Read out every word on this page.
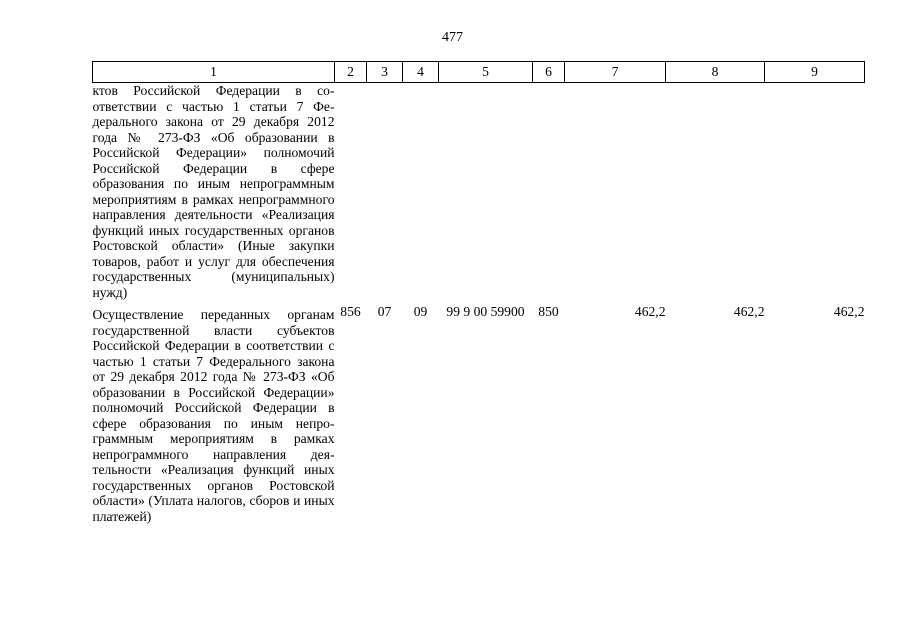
477
1	2	3	4	5	6	7	8	9
ктов Российской Федерации в соответствии с частью 1 статьи 7 Федерального закона от 29 декабря 2012 года № 273-ФЗ «Об образовании в Российской Федерации» полномочий Российской Федерации в сфере образования по иным непрограммным мероприятиям в рамках непрограммного направления деятельности «Реализация функций иных государственных органов Ростовской области» (Иные закупки товаров, работ и услуг для обеспечения государственных (муниципальных) нужд)								
Осуществление переданных органам государственной власти субъектов Российской Федерации в соответствии с частью 1 статьи 7 Федерального закона от 29 декабря 2012 года № 273-ФЗ «Об образовании в Российской Федерации» полномочий Российской Федерации в сфере образования по иным непрограммным мероприятиям в рамках непрограммного направления деятельности «Реализация функций иных государственных органов Ростовской области» (Уплата налогов, сборов и иных платежей)	856	07	09	99 9 00 59900	850	462,2	462,2	462,2
